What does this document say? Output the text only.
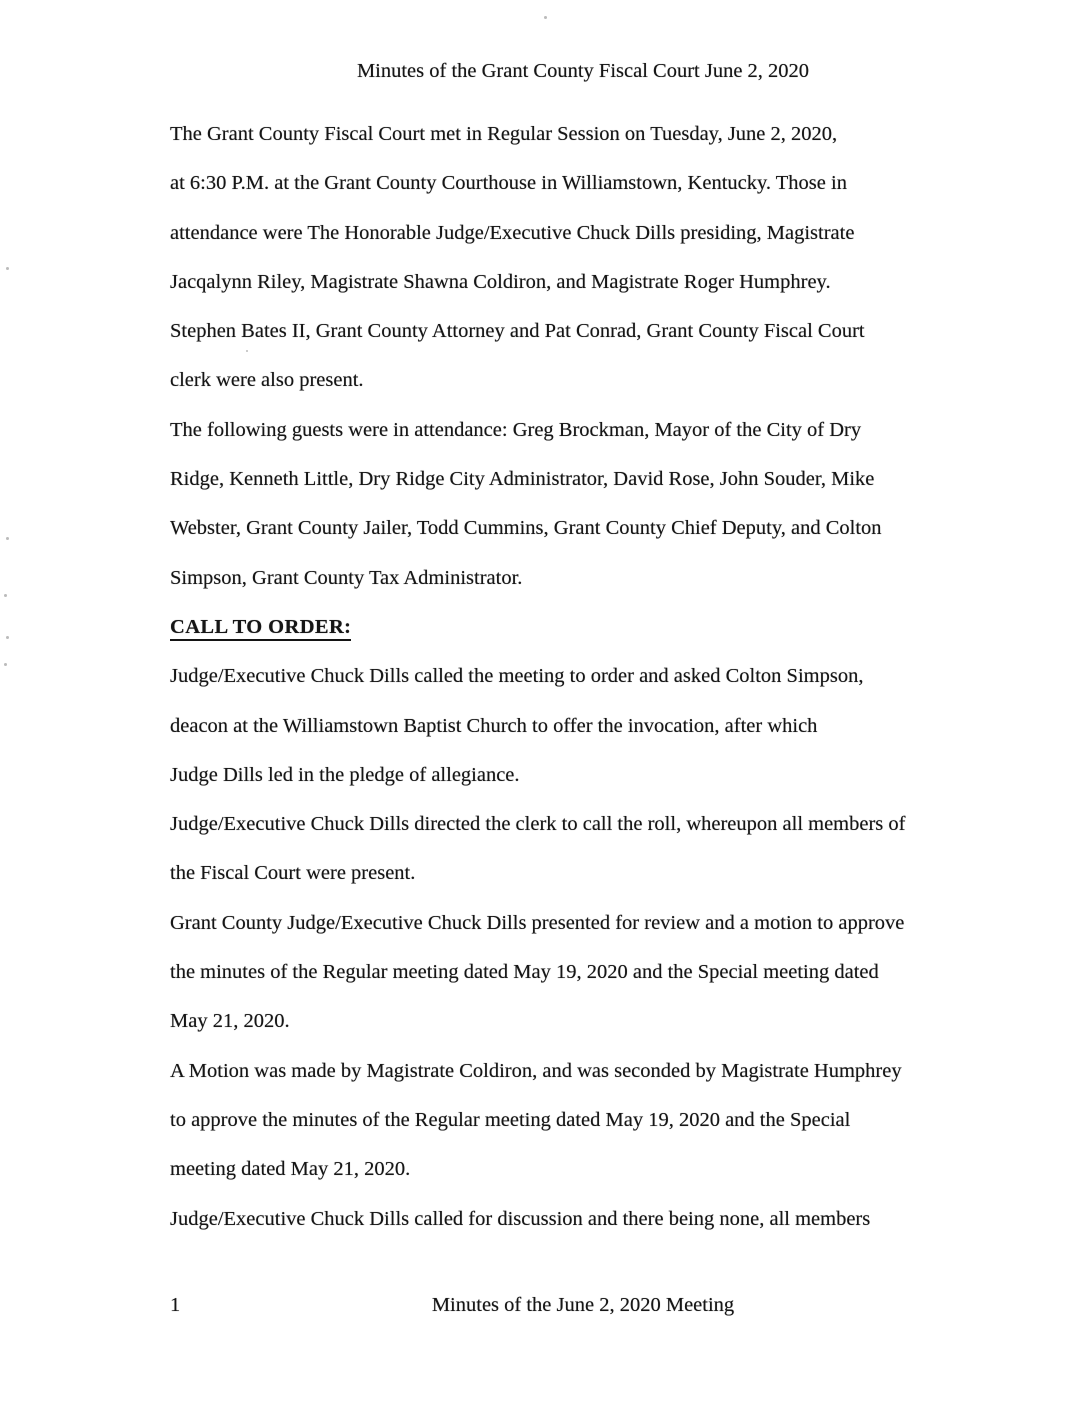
Minutes of the Grant County Fiscal Court June 2, 2020
The Grant County Fiscal Court met in Regular Session on Tuesday, June 2, 2020,
at 6:30 P.M. at the Grant County Courthouse in Williamstown, Kentucky. Those in
attendance were The Honorable Judge/Executive Chuck Dills presiding, Magistrate
Jacqalynn Riley, Magistrate Shawna Coldiron, and Magistrate Roger Humphrey.
Stephen Bates II, Grant County Attorney and Pat Conrad, Grant County Fiscal Court
clerk were also present.
The following guests were in attendance: Greg Brockman, Mayor of the City of Dry
Ridge, Kenneth Little, Dry Ridge City Administrator, David Rose, John Souder, Mike
Webster, Grant County Jailer, Todd Cummins, Grant County Chief Deputy, and Colton
Simpson, Grant County Tax Administrator.
CALL TO ORDER:
Judge/Executive Chuck Dills called the meeting to order and asked Colton Simpson,
deacon at the Williamstown Baptist Church to offer the invocation, after which
Judge Dills led in the pledge of allegiance.
Judge/Executive Chuck Dills directed the clerk to call the roll, whereupon all members of
the Fiscal Court were present.
Grant County Judge/Executive Chuck Dills presented for review and a motion to approve
the minutes of the Regular meeting dated May 19, 2020 and the Special meeting dated
May 21, 2020.
A Motion was made by Magistrate Coldiron, and was seconded by Magistrate Humphrey
to approve the minutes of the Regular meeting dated May 19, 2020 and the Special
meeting dated May 21, 2020.
Judge/Executive Chuck Dills called for discussion and there being none, all members
1	Minutes of the June 2, 2020 Meeting
